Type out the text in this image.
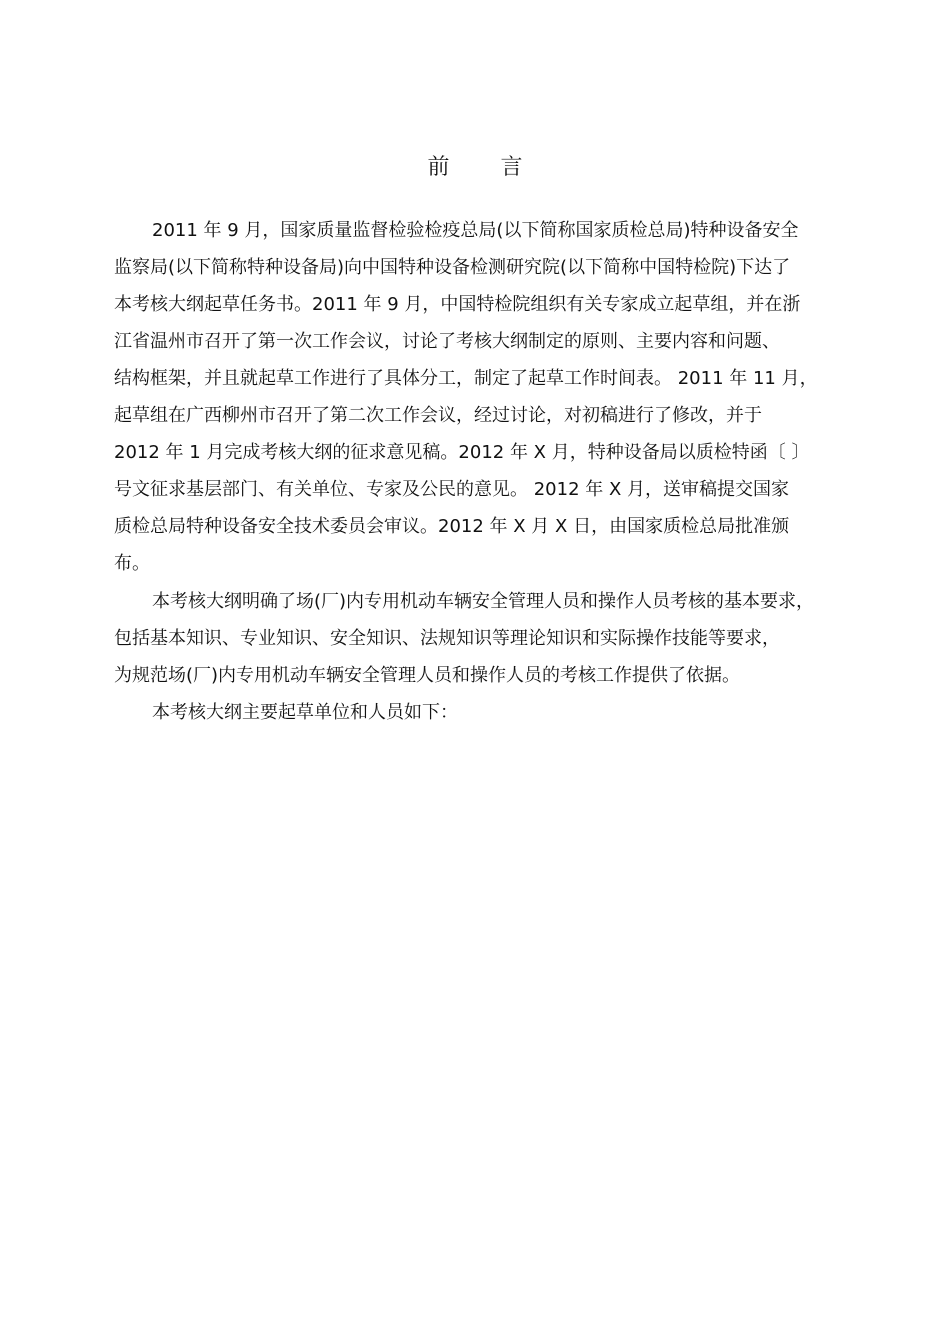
前 言
2011 年 9 月，国家质量监督检验检疫总局(以下简称国家质检总局)特种设备安全
监察局(以下简称特种设备局)向中国特种设备检测研究院(以下简称中国特检院)下达了
本考核大纲起草任务书。2011 年 9 月，中国特检院组织有关专家成立起草组，并在浙
江省温州市召开了第一次工作会议，讨论了考核大纲制定的原则、主要内容和问题、
结构框架，并且就起草工作进行了具体分工，制定了起草工作时间表。 2011 年 11 月，
起草组在广西柳州市召开了第二次工作会议，经过讨论，对初稿进行了修改，并于
2012 年 1 月完成考核大纲的征求意见稿。2012 年 X 月，特种设备局以质检特函〔 〕
号文征求基层部门、有关单位、专家及公民的意见。 2012 年 X 月，送审稿提交国家
质检总局特种设备安全技术委员会审议。2012 年 X 月 X 日，由国家质检总局批准颁
布。
本考核大纲明确了场(厂)内专用机动车辆安全管理人员和操作人员考核的基本要求，
包括基本知识、专业知识、安全知识、法规知识等理论知识和实际操作技能等要求，
为规范场(厂)内专用机动车辆安全管理人员和操作人员的考核工作提供了依据。
本考核大纲主要起草单位和人员如下：
